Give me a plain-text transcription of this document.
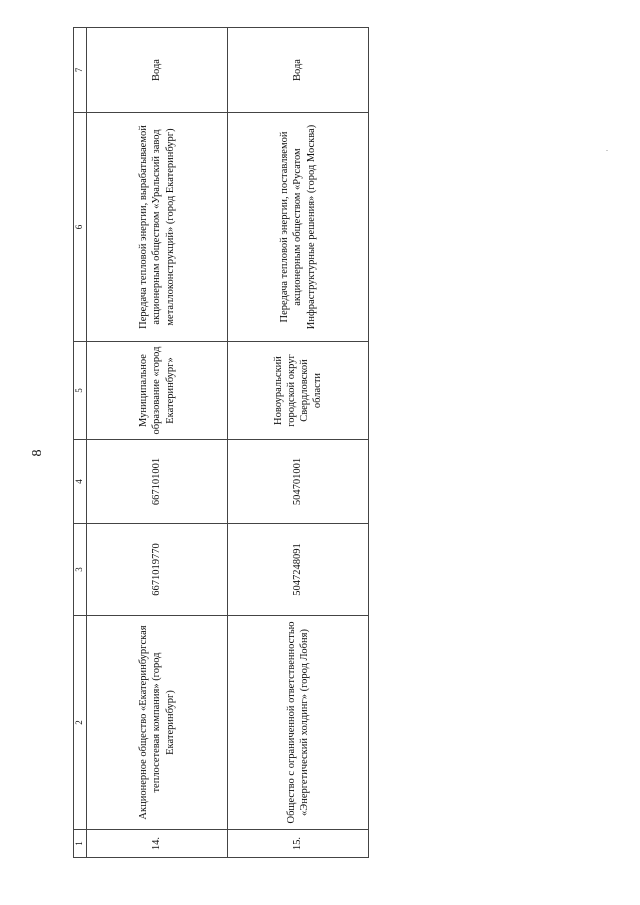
8
1	2	3	4	5	6	7
14.	Акционерное общество «Екатеринбургская теплосетевая компания» (город Екатеринбург)	6671019770	667101001	Муниципальное образование «город Екатеринбург»	Передача тепловой энергии, вырабатываемой акционерным обществом «Уральский завод металлоконструкций» (город Екатеринбург)	Вода
15.	Общество с ограниченной ответственностью «Энергетический холдинг» (город Лобня)	5047248091	504701001	Новоуральский городской округ Свердловской области	Передача тепловой энергии, поставляемой акционерным обществом «Русатом Инфраструктурные решения» (город Москва)	Вода
